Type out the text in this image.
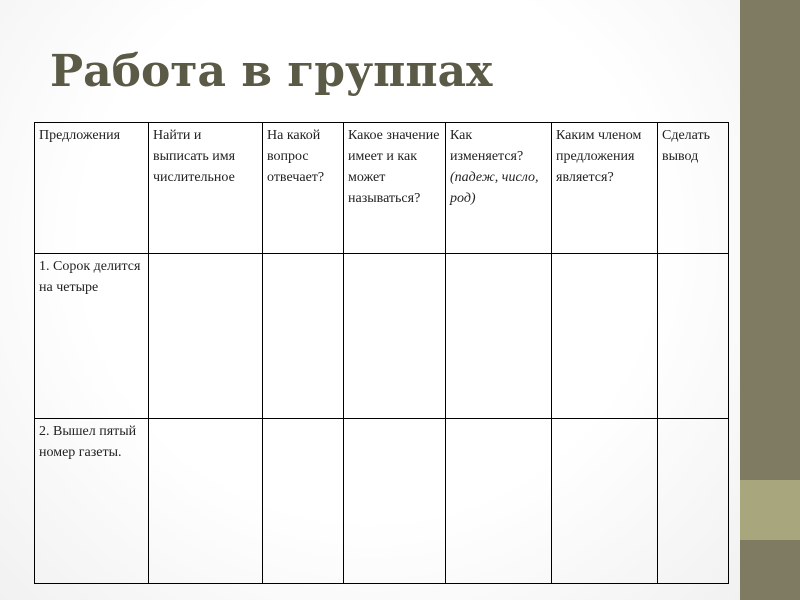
Работа в группах
Предложения	Найти и выписать имя числительное	На какой вопрос отвечает?	Какое значение имеет и как может называться?	Как изменяется? (падеж, число, род)	Каким членом предложения является?	Сделать вывод
1. Сорок делится на четыре						
2. Вышел пятый номер газеты.						
